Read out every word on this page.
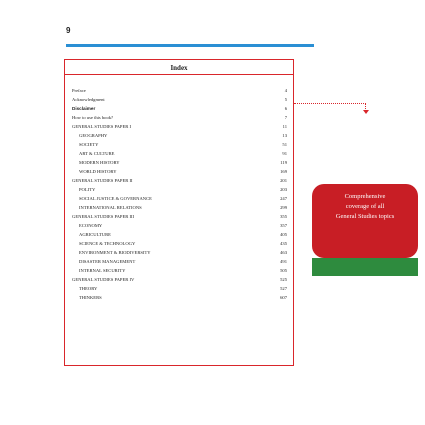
9
Index
Preface	4
Acknowledgment	5
Disclaimer	6
How to use this book?	7
GENERAL STUDIES PAPER I	11
GEOGRAPHY	13
SOCIETY	51
ART & CULTURE	91
MODERN HISTORY	119
WORLD HISTORY	169
GENERAL STUDIES PAPER II	201
POLITY	203
SOCIAL JUSTICE & GOVERNANCE	247
INTERNATIONAL RELATIONS	299
GENERAL STUDIES PAPER III	355
ECONOMY	357
AGRICULTURE	405
SCIENCE & TECHNOLOGY	435
ENVIRONMENT & BIODIVERSITY	463
DISASTER MANAGEMENT	491
INTERNAL SECURITY	505
GENERAL STUDIES PAPER IV	525
THEORY	527
THINKERS	607
Comprehensive
coverage of all
General Studies topics
